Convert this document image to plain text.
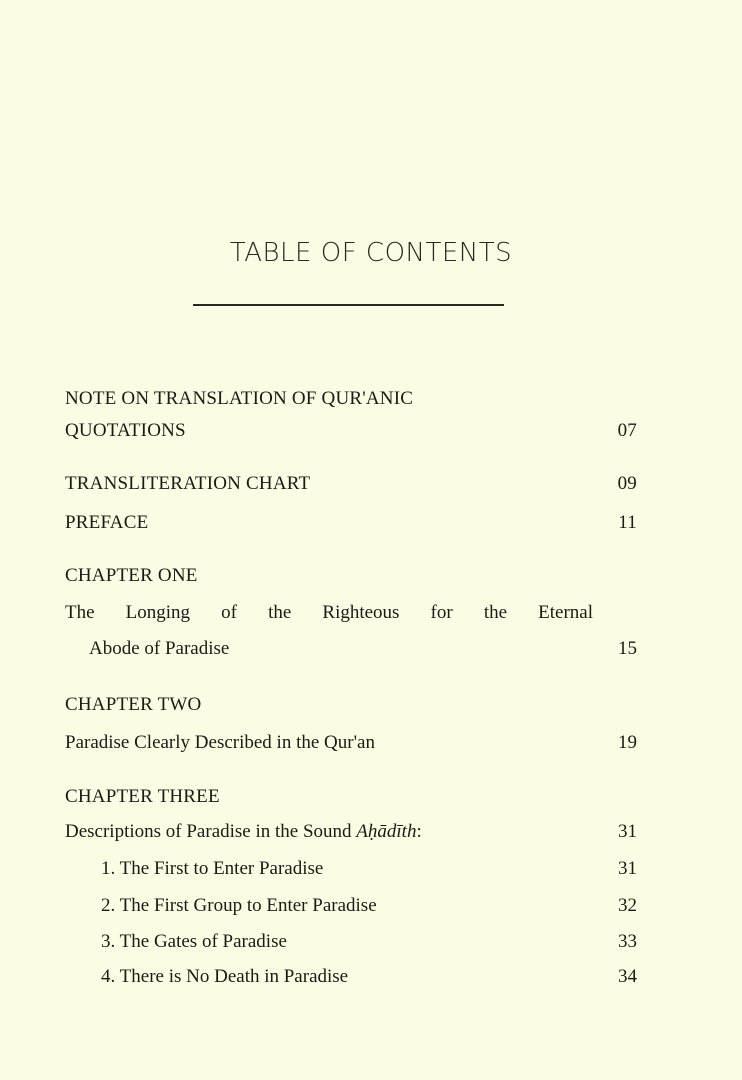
TABLE OF CONTENTS
NOTE ON TRANSLATION OF QUR'ANIC
QUOTATIONS	07
TRANSLITERATION CHART	09
PREFACE	11
CHAPTER ONE
The Longing of the Righteous for the Eternal
Abode of Paradise	15
CHAPTER TWO
Paradise Clearly Described in the Qur'an	19
CHAPTER THREE
Descriptions of Paradise in the Sound Aḥādīth:	31
1. The First to Enter Paradise	31
2. The First Group to Enter Paradise	32
3. The Gates of Paradise	33
4. There is No Death in Paradise	34
